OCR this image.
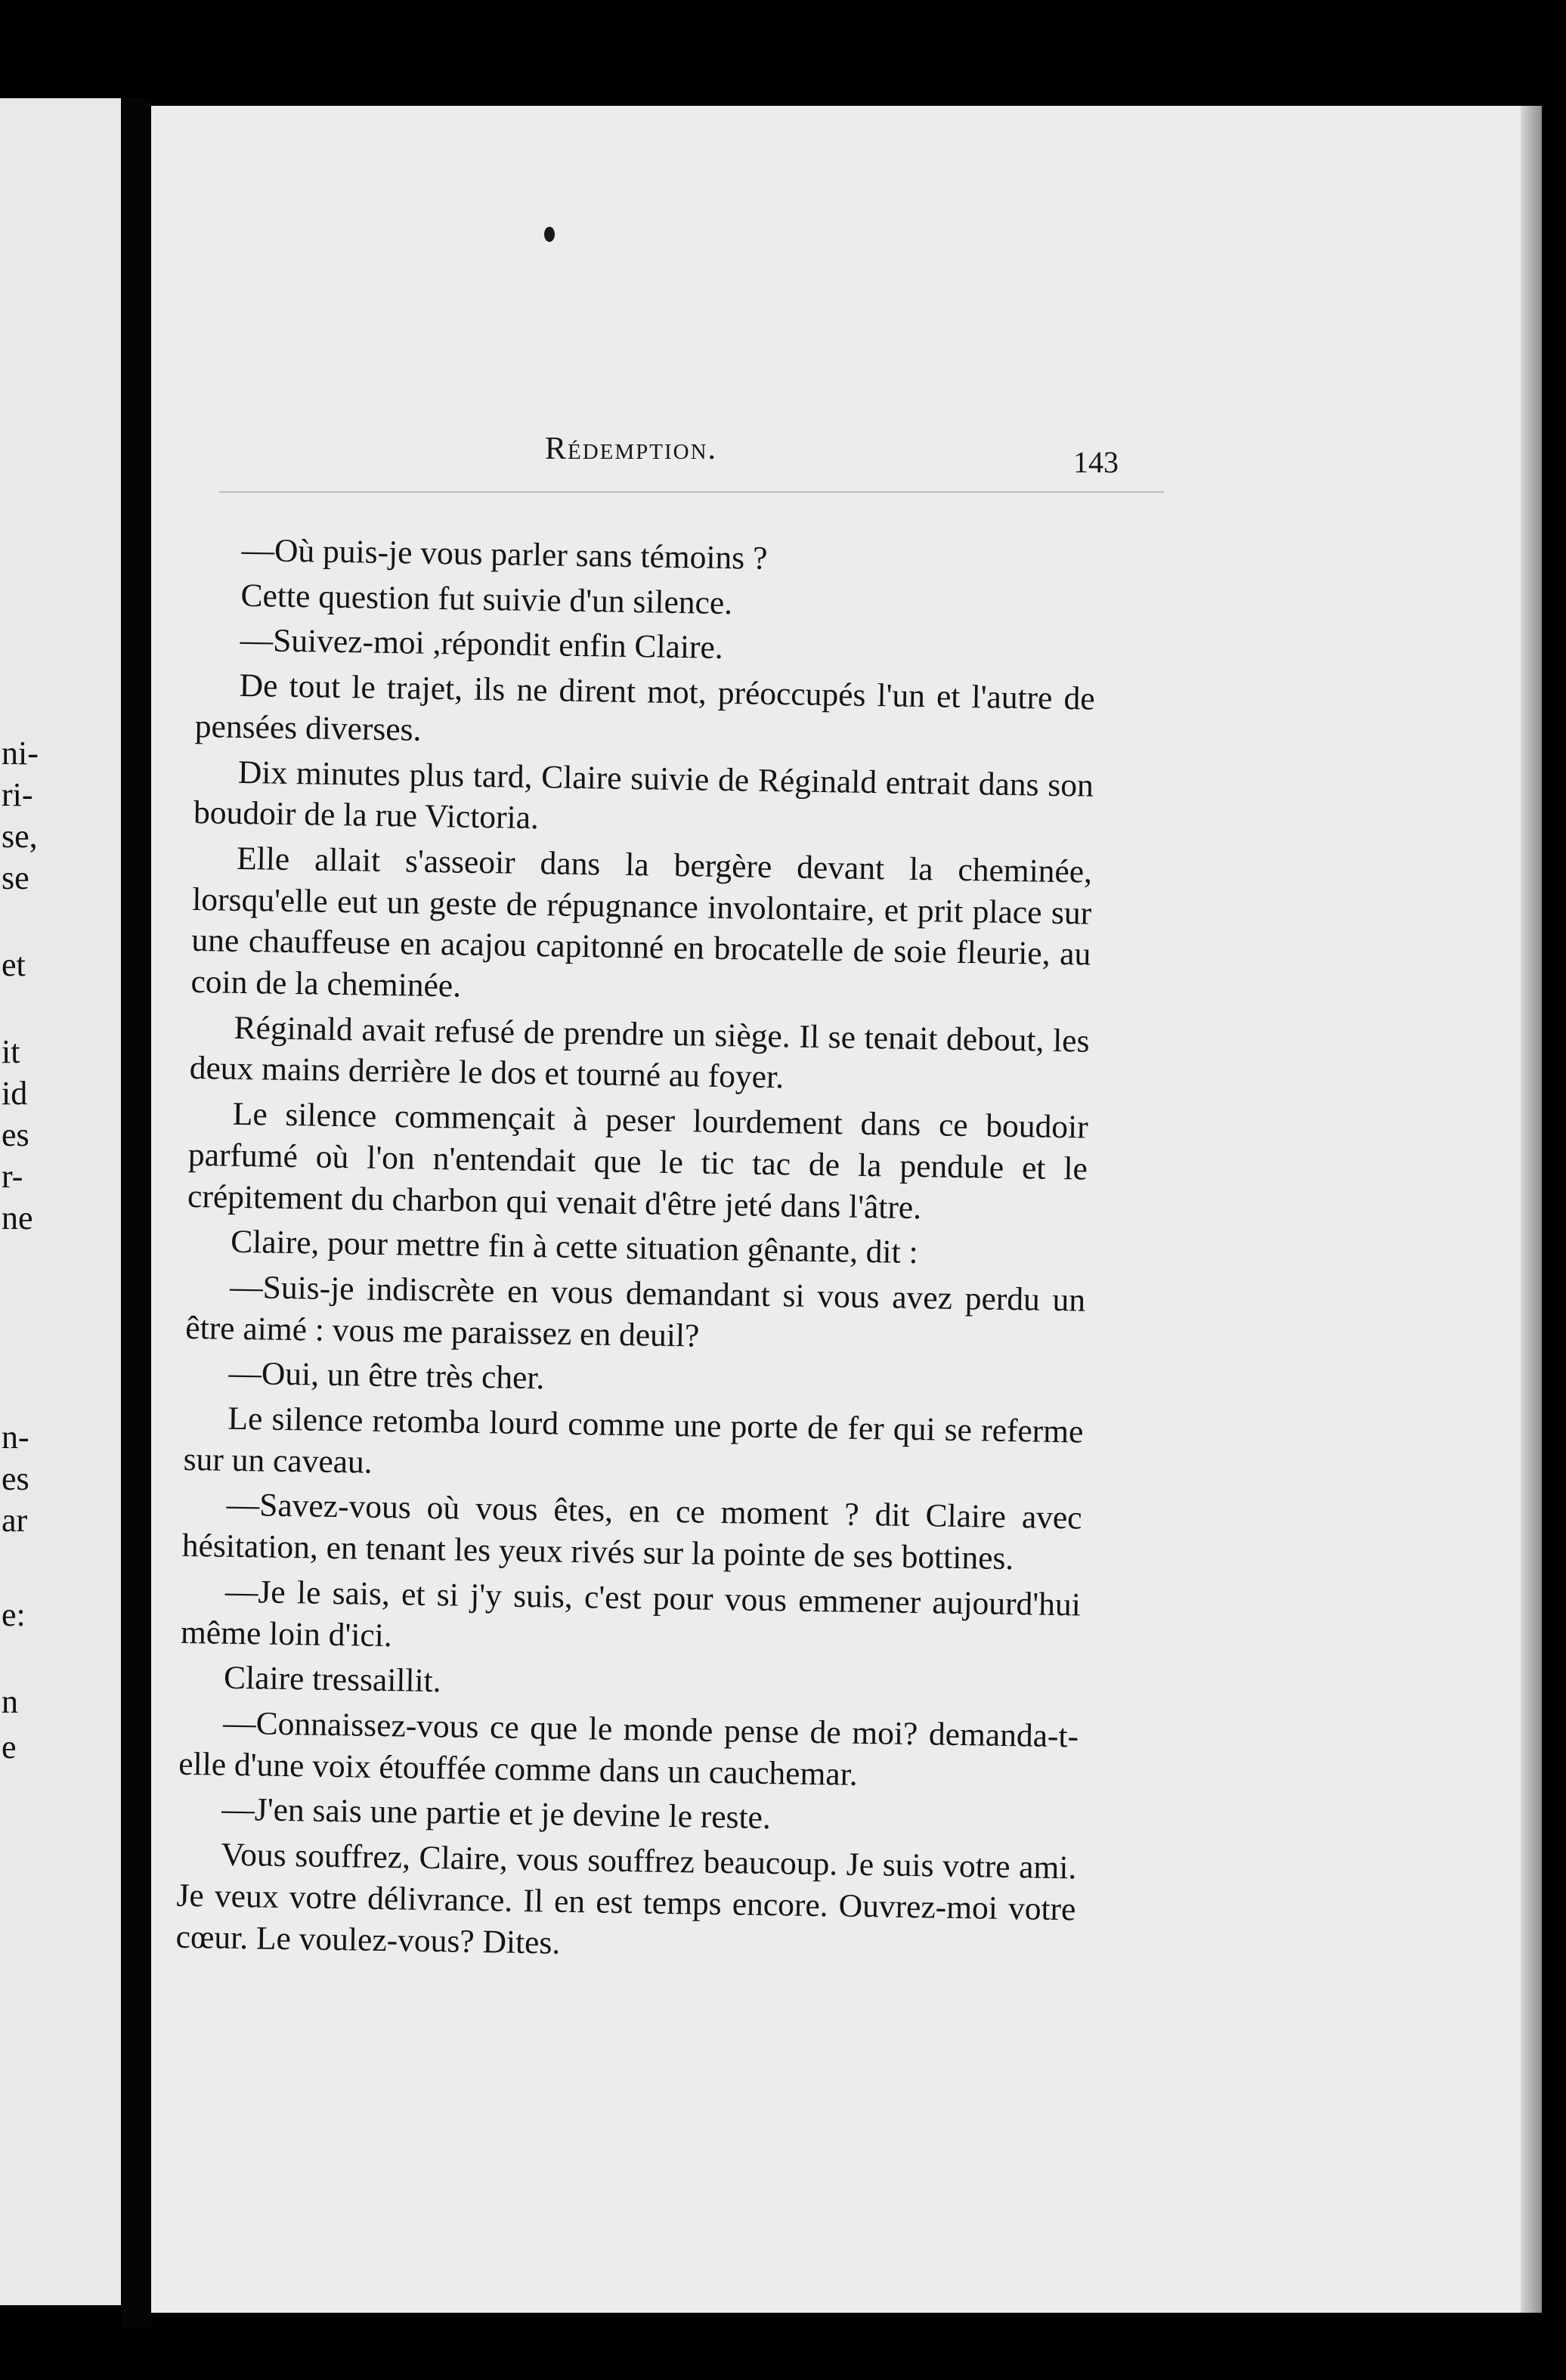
ni-
ri-
se,
se
et
it
id
es
r-
ne
n-
es
ar
e:
n
e
Rédemption.	143
—Où puis-je vous parler sans témoins ?
Cette question fut suivie d'un silence.
—Suivez-moi ,répondit enfin Claire.
De tout le trajet, ils ne dirent mot, préoccupés l'un et l'autre de pensées diverses.
Dix minutes plus tard, Claire suivie de Réginald entrait dans son boudoir de la rue Victoria.
Elle allait s'asseoir dans la bergère devant la cheminée, lorsqu'elle eut un geste de répugnance involontaire, et prit place sur une chauffeuse en acajou capitonné en brocatelle de soie fleurie, au coin de la cheminée.
Réginald avait refusé de prendre un siège. Il se tenait debout, les deux mains derrière le dos et tourné au foyer.
Le silence commençait à peser lourdement dans ce boudoir parfumé où l'on n'entendait que le tic tac de la pendule et le crépitement du charbon qui venait d'être jeté dans l'âtre.
Claire, pour mettre fin à cette situation gênante, dit :
—Suis-je indiscrète en vous demandant si vous avez perdu un être aimé : vous me paraissez en deuil?
—Oui, un être très cher.
Le silence retomba lourd comme une porte de fer qui se referme sur un caveau.
—Savez-vous où vous êtes, en ce moment ? dit Claire avec hésitation, en tenant les yeux rivés sur la pointe de ses bottines.
—Je le sais, et si j'y suis, c'est pour vous emmener aujourd'hui même loin d'ici.
Claire tressaillit.
—Connaissez-vous ce que le monde pense de moi? demanda-t-elle d'une voix étouffée comme dans un cauchemar.
—J'en sais une partie et je devine le reste.
Vous souffrez, Claire, vous souffrez beaucoup. Je suis votre ami. Je veux votre délivrance. Il en est temps encore. Ouvrez-moi votre cœur. Le voulez-vous? Dites.
